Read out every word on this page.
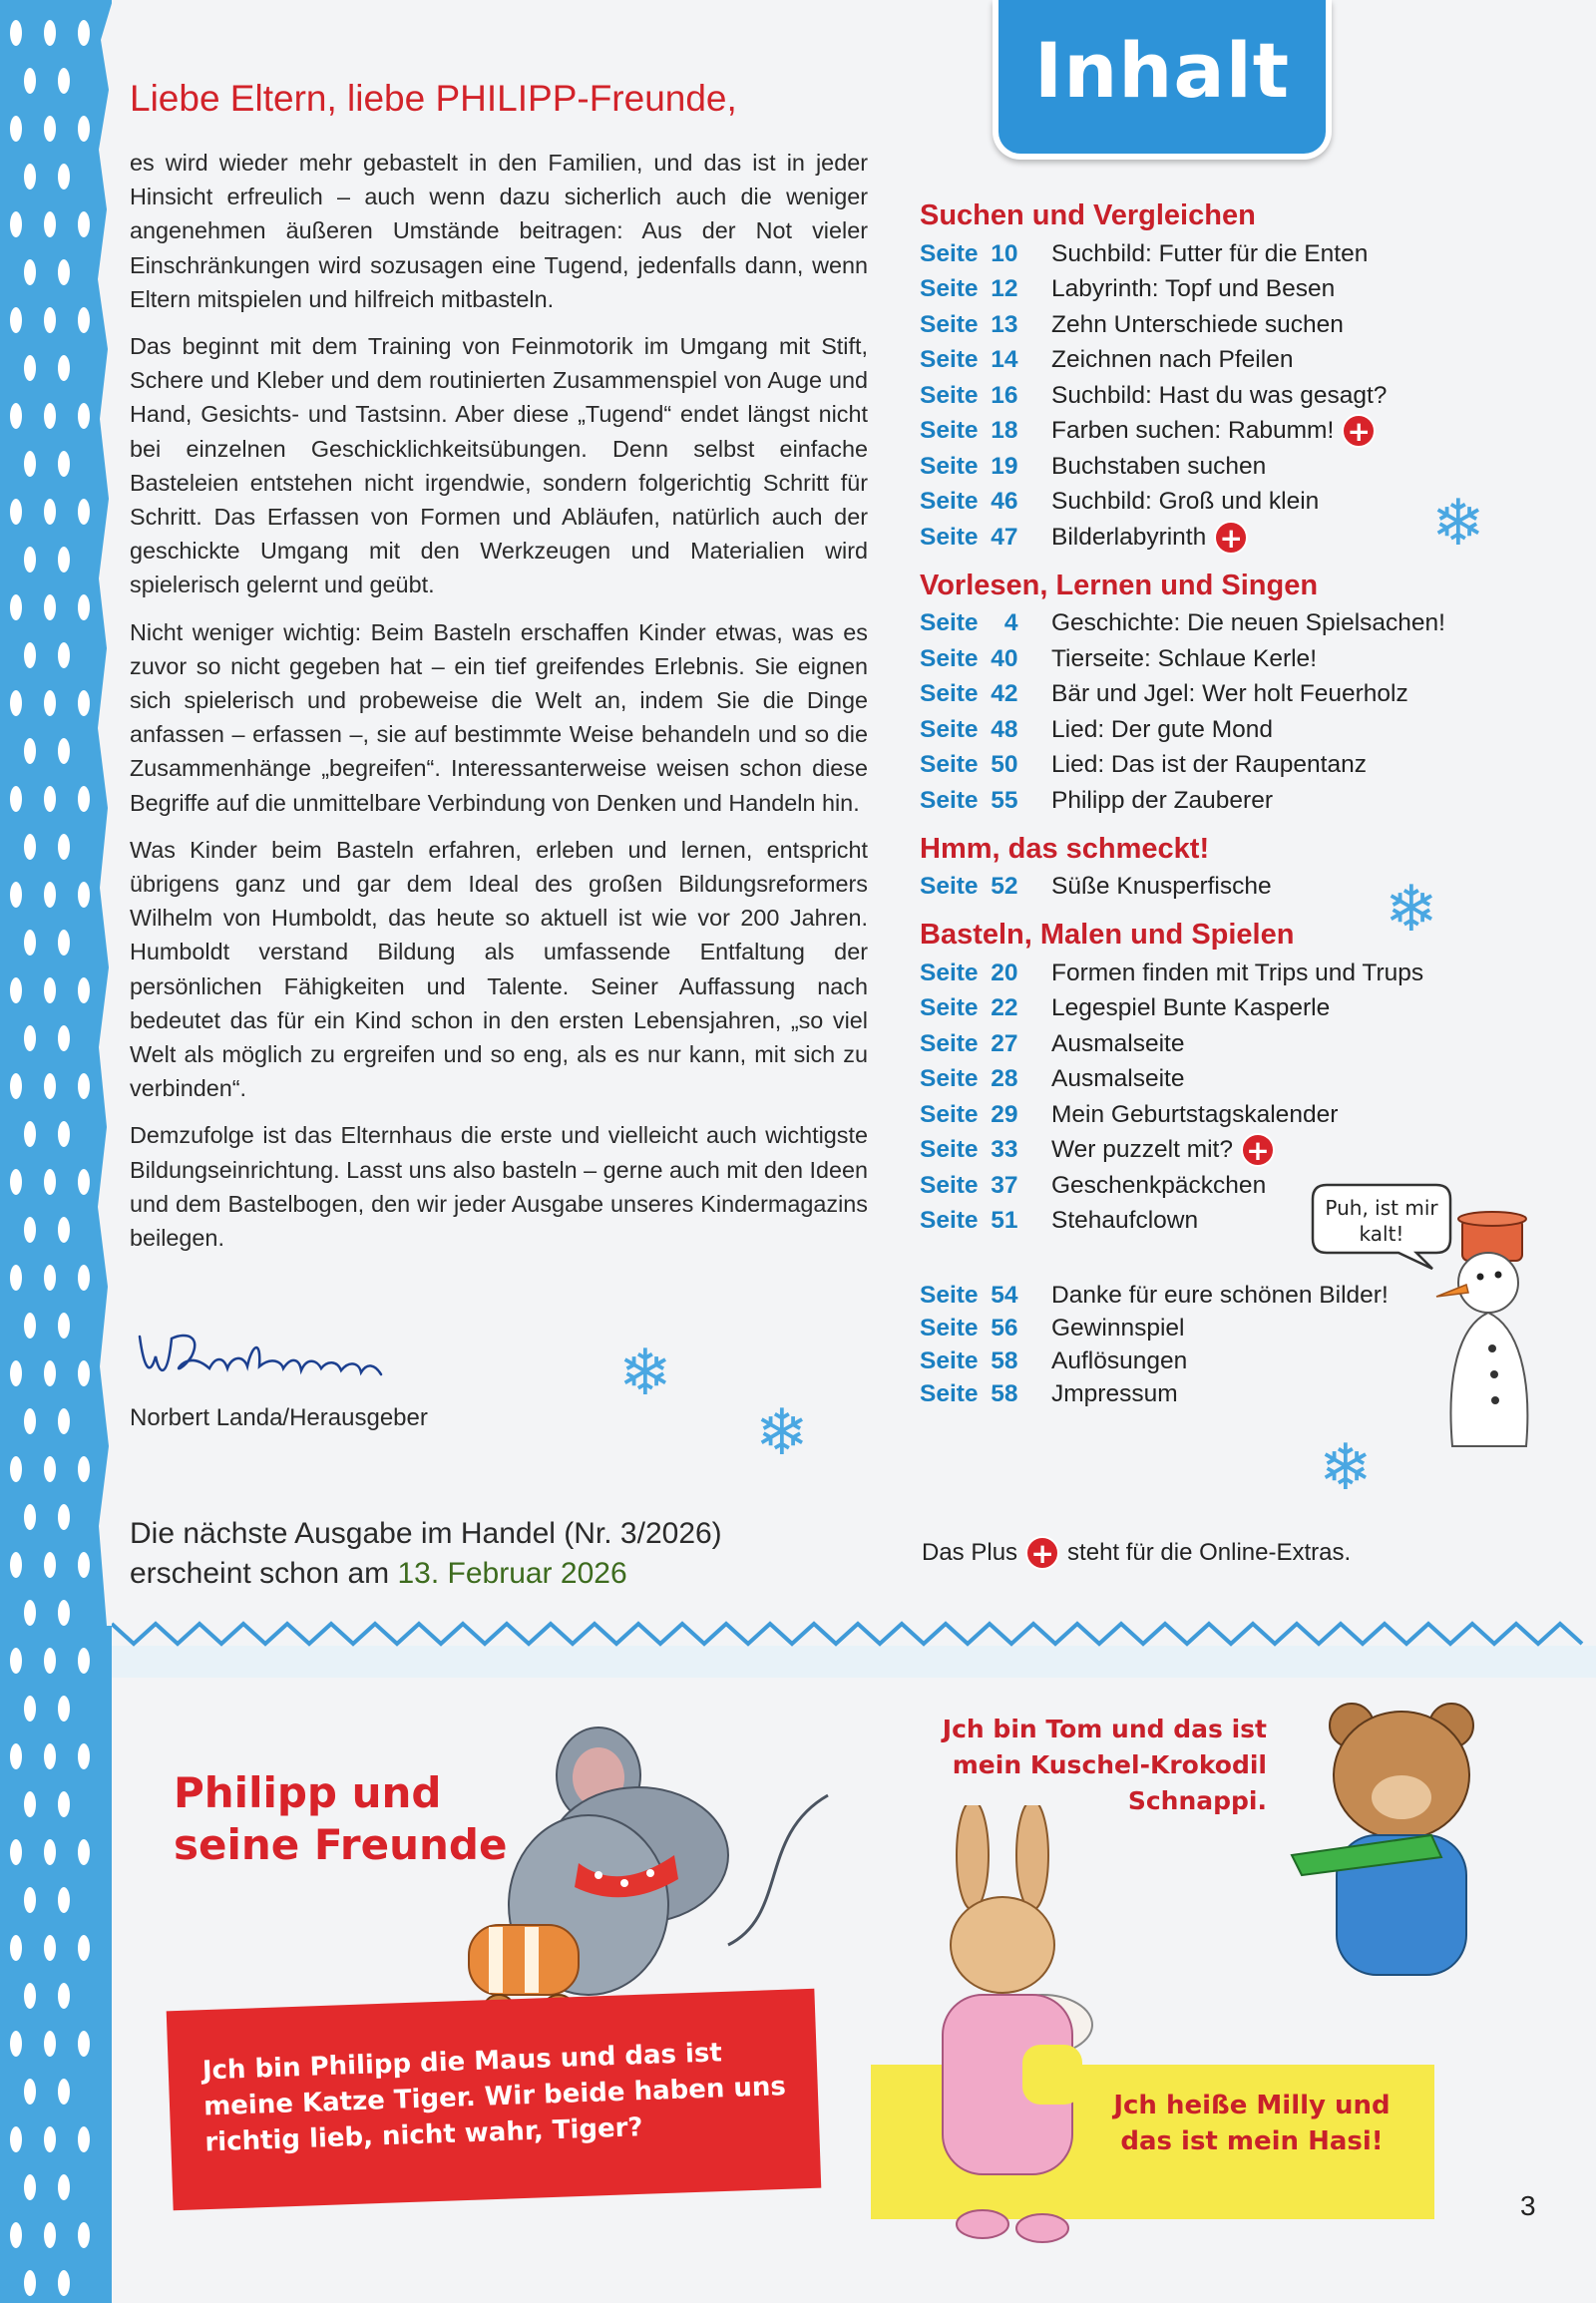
Liebe Eltern, liebe PHILIPP-Freunde,

es wird wieder mehr gebastelt in den Familien, und das ist in jeder Hinsicht erfreulich – auch wenn dazu sicherlich auch die weniger angenehmen äußeren Umstände beitragen: Aus der Not vieler Einschränkungen wird sozusagen eine Tugend, jedenfalls dann, wenn Eltern mitspielen und hilfreich mitbasteln.

Das beginnt mit dem Training von Feinmotorik im Umgang mit Stift, Schere und Kleber und dem routinierten Zusammenspiel von Auge und Hand, Gesichts- und Tastsinn. Aber diese „Tugend“ endet längst nicht bei einzelnen Geschicklichkeitsübungen. Denn selbst einfache Basteleien entstehen nicht irgendwie, sondern folgerichtig Schritt für Schritt. Das Erfassen von Formen und Abläufen, natürlich auch der geschickte Umgang mit den Werkzeugen und Materialien wird spielerisch gelernt und geübt.

Nicht weniger wichtig: Beim Basteln erschaffen Kinder etwas, was es zuvor so nicht gegeben hat – ein tief greifendes Erlebnis. Sie eignen sich spielerisch und probeweise die Welt an, indem Sie die Dinge anfassen – erfassen –, sie auf bestimmte Weise behandeln und so die Zusammenhänge „begreifen“. Interessanterweise weisen schon diese Begriffe auf die unmittelbare Verbindung von Denken und Handeln hin.

Was Kinder beim Basteln erfahren, erleben und lernen, entspricht übrigens ganz und gar dem Ideal des großen Bildungsreformers Wilhelm von Humboldt, das heute so aktuell ist wie vor 200 Jahren. Humboldt verstand Bildung als umfassende Entfaltung der persönlichen Fähigkeiten und Talente. Seiner Auffassung nach bedeutet das für ein Kind schon in den ersten Lebensjahren, „so viel Welt als möglich zu ergreifen und so eng, als es nur kann, mit sich zu verbinden“.

Demzufolge ist das Elternhaus die erste und vielleicht auch wichtigste Bildungseinrichtung. Lasst uns also basteln – gerne auch mit den Ideen und dem Bastelbogen, den wir jeder Ausgabe unseres Kindermagazins beilegen.

Norbert Landa/Herausgeber
Die nächste Ausgabe im Handel (Nr. 3/2026)
erscheint schon am 13. Februar 2026
Inhalt
Suchen und Vergleichen
Seite 10	Suchbild: Futter für die Enten
Seite 12	Labyrinth: Topf und Besen
Seite 13	Zehn Unterschiede suchen
Seite 14	Zeichnen nach Pfeilen
Seite 16	Suchbild: Hast du was gesagt?
Seite 18	Farben suchen: Rabumm! +
Seite 19	Buchstaben suchen
Seite 46	Suchbild: Groß und klein
Seite 47	Bilderlabyrinth +
Vorlesen, Lernen und Singen
Seite 4	Geschichte: Die neuen Spielsachen!
Seite 40	Tierseite: Schlaue Kerle!
Seite 42	Bär und Jgel: Wer holt Feuerholz
Seite 48	Lied: Der gute Mond
Seite 50	Lied: Das ist der Raupentanz
Seite 55	Philipp der Zauberer
Hmm, das schmeckt!
Seite 52	Süße Knusperfische
Basteln, Malen und Spielen
Seite 20	Formen finden mit Trips und Trups
Seite 22	Legespiel Bunte Kasperle
Seite 27	Ausmalseite
Seite 28	Ausmalseite
Seite 29	Mein Geburtstagskalender
Seite 33	Wer puzzelt mit? +
Seite 37	Geschenkpäckchen
Seite 51	Stehaufclown
Seite 54	Danke für eure schönen Bilder!
Seite 56	Gewinnspiel
Seite 58	Auflösungen
Seite 58	Jmpressum
Das Plus + steht für die Online-Extras.
❄
❄
❄
❄
❄
Puh, ist mir kalt!
Philipp und
seine Freunde
Jch bin Philipp die Maus und das ist meine Katze Tiger. Wir beide haben uns richtig lieb, nicht wahr, Tiger?
Jch bin Tom und das ist mein Kuschel-Krokodil Schnappi.
Jch heiße Milly und das ist mein Hasi!
3
